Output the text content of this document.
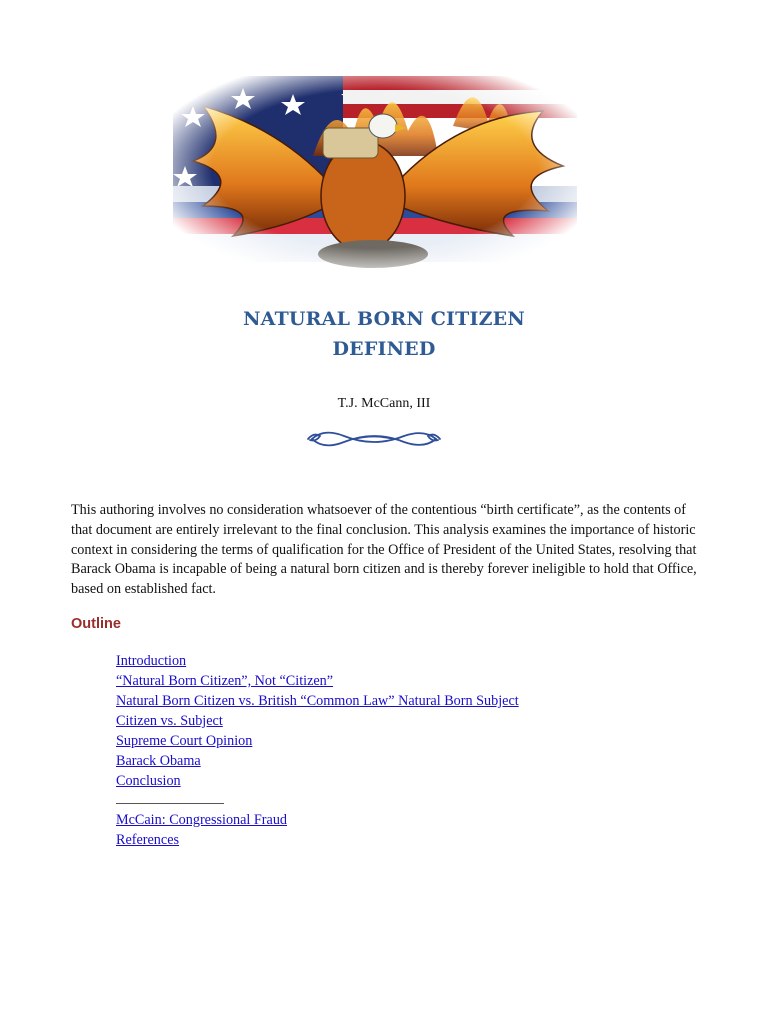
NATURAL BORN CITIZEN
DEFINED
T.J. McCann, III

This authoring involves no consideration whatsoever of the contentious “birth certificate”, as the contents of that document are entirely irrelevant to the final conclusion. This analysis examines the importance of historic context in considering the terms of qualification for the Office of President of the United States, resolving that Barack Obama is incapable of being a natural born citizen and is thereby forever ineligible to hold that Office, based on established fact.

Outline
Introduction
“Natural Born Citizen”, Not “Citizen”
Natural Born Citizen vs. British “Common Law” Natural Born Subject
Citizen vs. Subject
Supreme Court Opinion
Barack Obama
Conclusion
McCain: Congressional Fraud
References
